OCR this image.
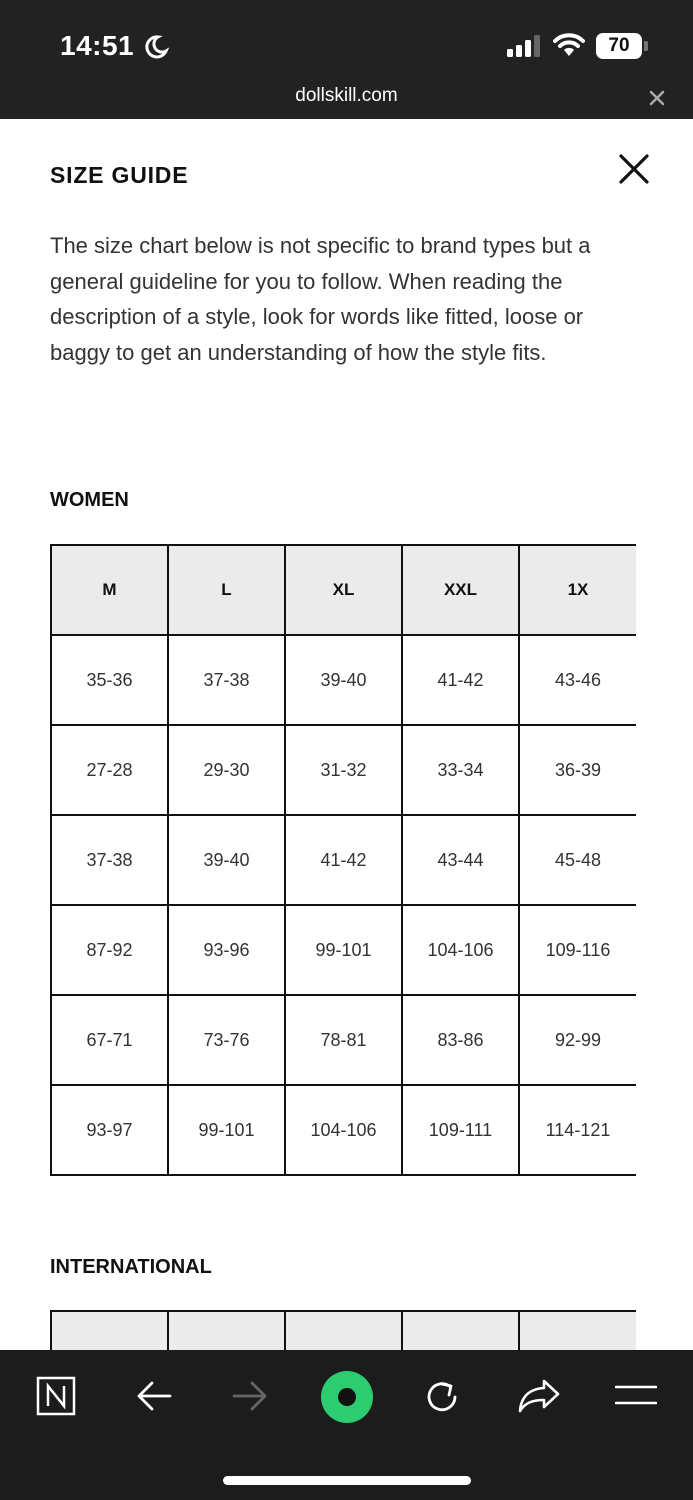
14:51	70
dollskill.com
SIZE GUIDE

The size chart below is not specific to brand types but a general guideline for you to follow. When reading the description of a style, look for words like fitted, loose or baggy to get an understanding of how the style fits.

WOMEN
M	L	XL	XXL	1X
35-36	37-38	39-40	41-42	43-46
27-28	29-30	31-32	33-34	36-39
37-38	39-40	41-42	43-44	45-48
87-92	93-96	99-101	104-106	109-116
67-71	73-76	78-81	83-86	92-99
93-97	99-101	104-106	109-111	114-121
INTERNATIONAL
